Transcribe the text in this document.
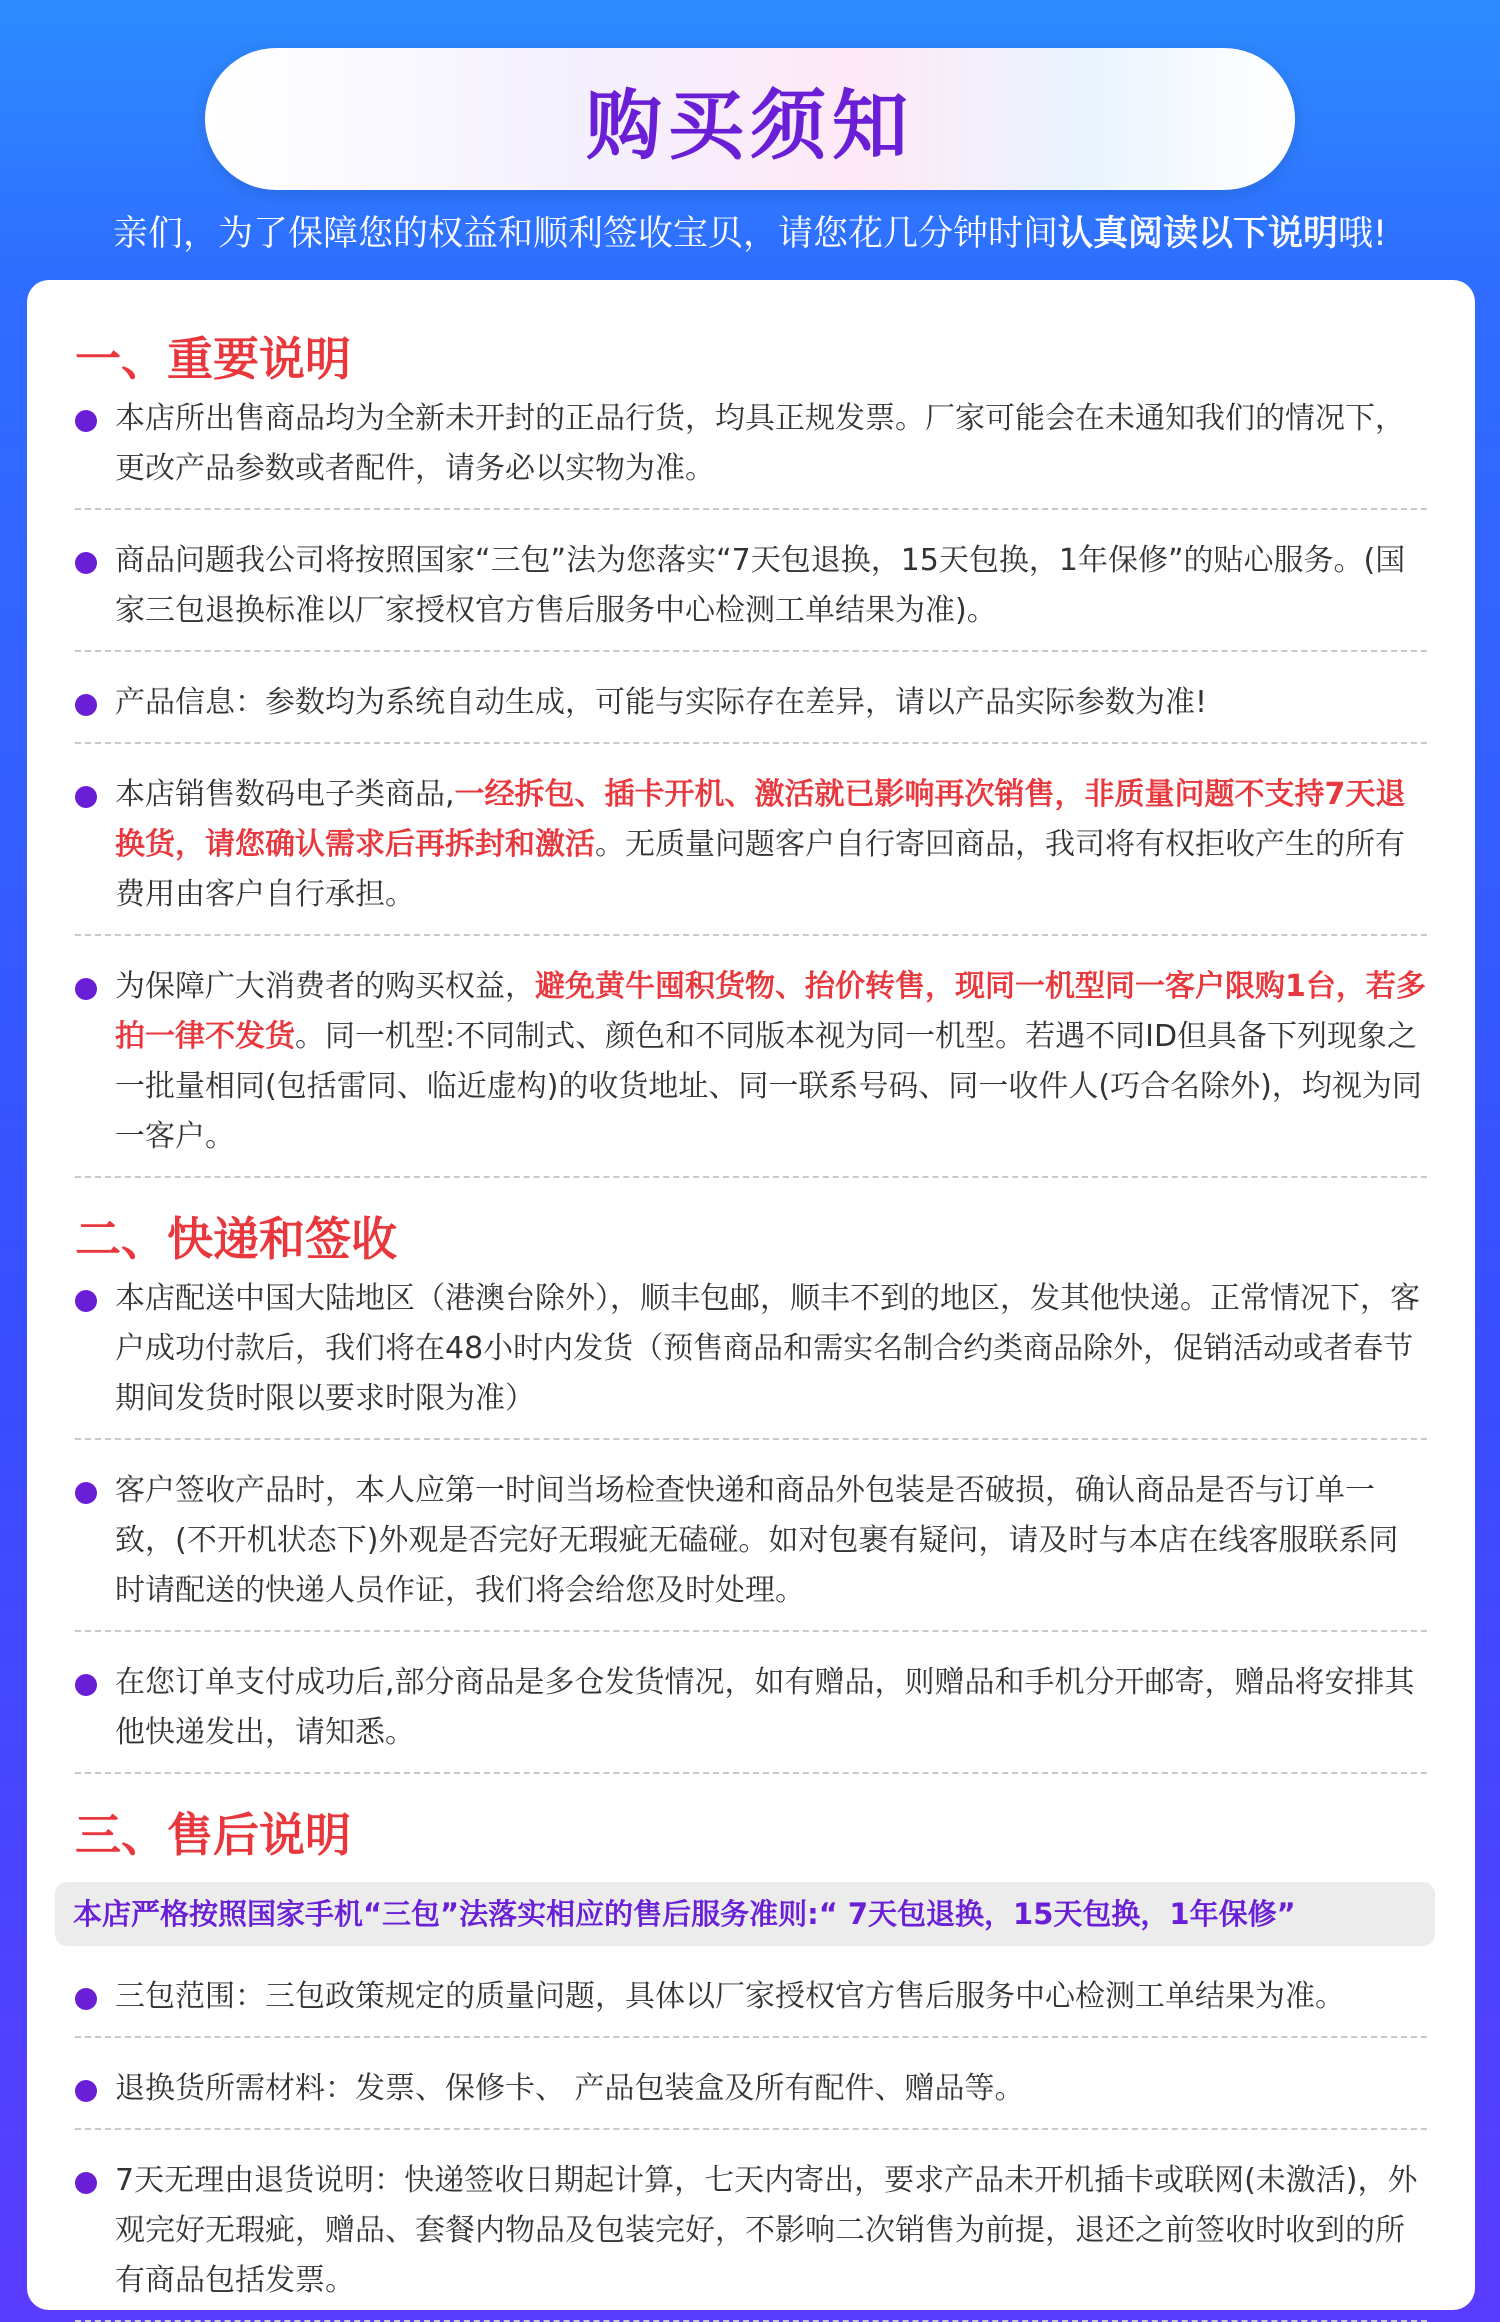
购买须知
亲们，为了保障您的权益和顺利签收宝贝，请您花几分钟时间认真阅读以下说明哦!
一、重要说明

本店所出售商品均为全新未开封的正品行货，均具正规发票。厂家可能会在未通知我们的情况下，更改产品参数或者配件，请务必以实物为准。

商品问题我公司将按照国家“三包”法为您落实“7天包退换，15天包换，1年保修”的贴心服务。(国家三包退换标准以厂家授权官方售后服务中心检测工单结果为准)。

产品信息：参数均为系统自动生成，可能与实际存在差异，请以产品实际参数为准!

本店销售数码电子类商品,一经拆包、插卡开机、激活就已影响再次销售，非质量问题不支持7天退换货，请您确认需求后再拆封和激活。无质量问题客户自行寄回商品，我司将有权拒收产生的所有费用由客户自行承担。

为保障广大消费者的购买权益，避免黄牛囤积货物、抬价转售，现同一机型同一客户限购1台，若多拍一律不发货。同一机型:不同制式、颜色和不同版本视为同一机型。若遇不同ID但具备下列现象之一批量相同(包括雷同、临近虚构)的收货地址、同一联系号码、同一收件人(巧合名除外)，均视为同一客户。

二、快递和签收

本店配送中国大陆地区（港澳台除外），顺丰包邮，顺丰不到的地区，发其他快递。正常情况下，客户成功付款后，我们将在48小时内发货（预售商品和需实名制合约类商品除外，促销活动或者春节期间发货时限以要求时限为准）

客户签收产品时，本人应第一时间当场检查快递和商品外包装是否破损，确认商品是否与订单一致，(不开机状态下)外观是否完好无瑕疵无磕碰。如对包裹有疑问，请及时与本店在线客服联系同时请配送的快递人员作证，我们将会给您及时处理。

在您订单支付成功后,部分商品是多仓发货情况，如有赠品，则赠品和手机分开邮寄，赠品将安排其他快递发出，请知悉。

三、售后说明
本店严格按照国家手机“三包”法落实相应的售后服务准则:“ 7天包退换，15天包换，1年保修”

三包范围：三包政策规定的质量问题，具体以厂家授权官方售后服务中心检测工单结果为准。

退换货所需材料：发票、保修卡、 产品包装盒及所有配件、赠品等。

7天无理由退货说明：快递签收日期起计算，七天内寄出，要求产品未开机插卡或联网(未激活)，外观完好无瑕疵，赠品、套餐内物品及包装完好，不影响二次销售为前提，退还之前签收时收到的所有商品包括发票。
